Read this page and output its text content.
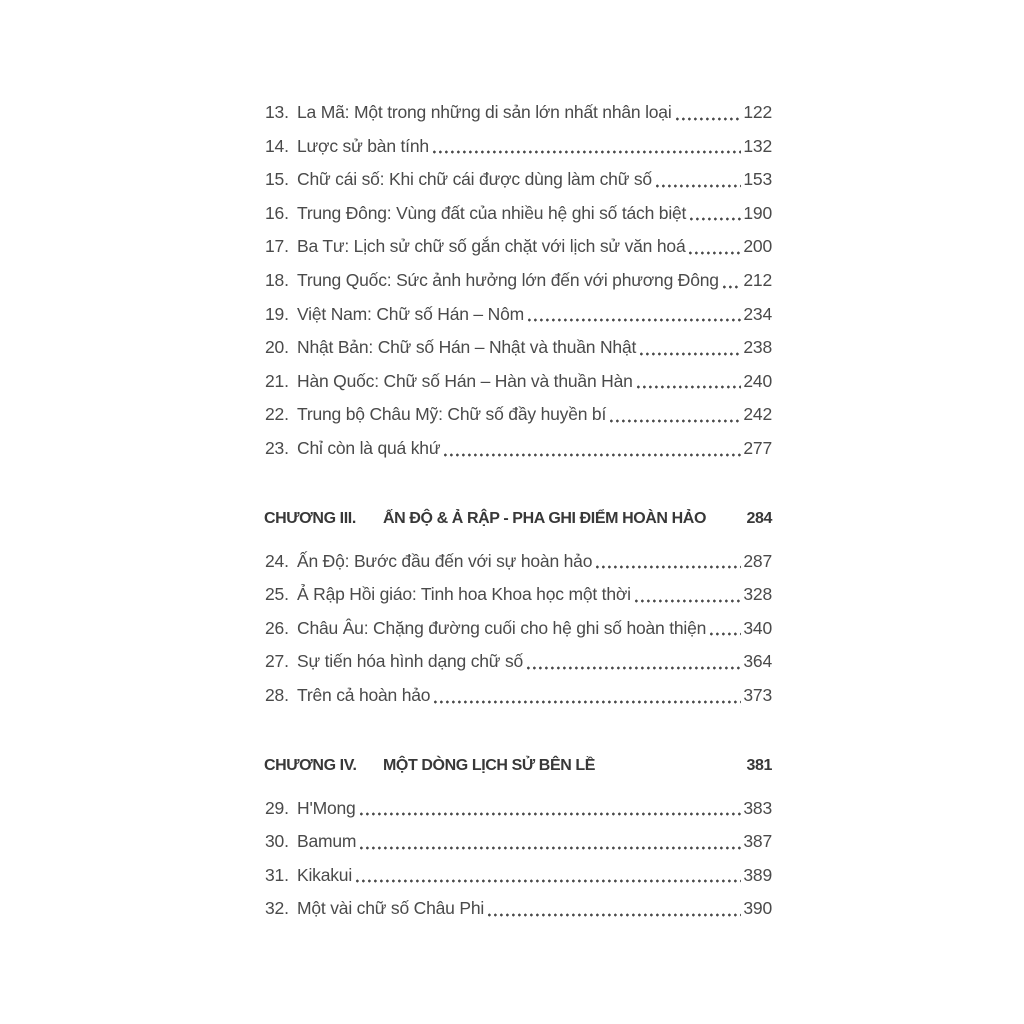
13. La Mã: Một trong những di sản lớn nhất nhân loại	122
14. Lược sử bàn tính	132
15. Chữ cái số: Khi chữ cái được dùng làm chữ số	153
16. Trung Đông: Vùng đất của nhiều hệ ghi số tách biệt	190
17. Ba Tư: Lịch sử chữ số gắn chặt với lịch sử văn hoá	200
18. Trung Quốc: Sức ảnh hưởng lớn đến với phương Đông 212
19. Việt Nam: Chữ số Hán – Nôm	234
20. Nhật Bản: Chữ số Hán – Nhật và thuần Nhật	238
21. Hàn Quốc: Chữ số Hán – Hàn và thuần Hàn	240
22. Trung bộ Châu Mỹ: Chữ số đầy huyền bí	242
23. Chỉ còn là quá khứ	277
CHƯƠNG III.	ẤN ĐỘ & Ả RẬP - PHA GHI ĐIỂM HOÀN HẢO	284
24. Ấn Độ: Bước đầu đến với sự hoàn hảo	287
25. Ả Rập Hồi giáo: Tinh hoa Khoa học một thời	328
26. Châu Âu: Chặng đường cuối cho hệ ghi số hoàn thiện 340
27. Sự tiến hóa hình dạng chữ số	364
28. Trên cả hoàn hảo	373
CHƯƠNG IV.	MỘT DÒNG LỊCH SỬ BÊN LỀ	381
29. H'Mong	383
30. Bamum	387
31. Kikakui	389
32. Một vài chữ số Châu Phi	390
